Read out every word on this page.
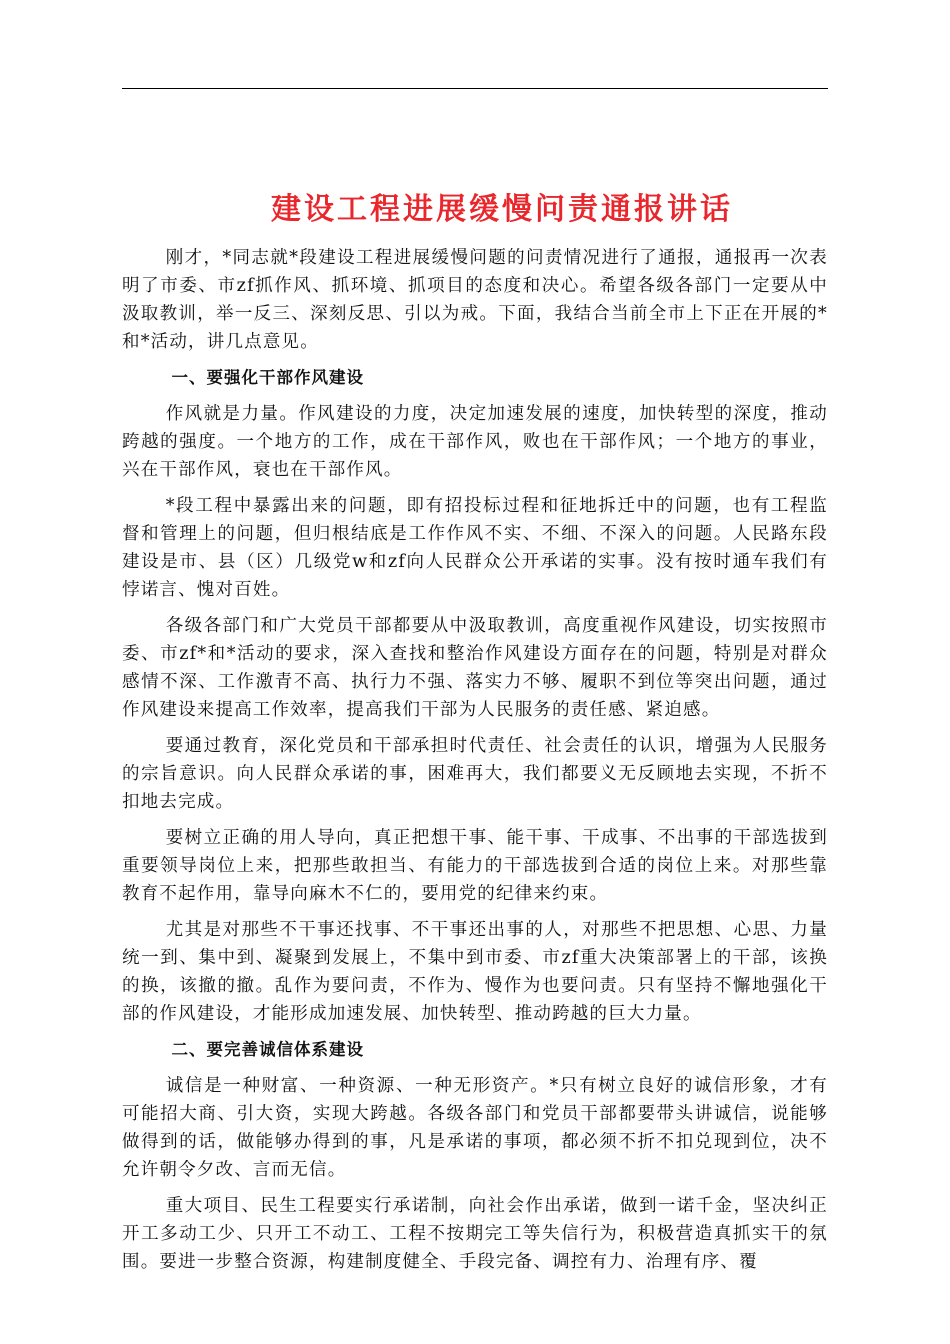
建设工程进展缓慢问责通报讲话

刚才，*同志就*段建设工程进展缓慢问题的问责情况进行了通报，通报再一次表明了市委、市zf抓作风、抓环境、抓项目的态度和决心。希望各级各部门一定要从中汲取教训，举一反三、深刻反思、引以为戒。下面，我结合当前全市上下正在开展的*和*活动，讲几点意见。

一、要强化干部作风建设

作风就是力量。作风建设的力度，决定加速发展的速度，加快转型的深度，推动跨越的强度。一个地方的工作，成在干部作风，败也在干部作风；一个地方的事业，兴在干部作风，衰也在干部作风。

*段工程中暴露出来的问题，即有招投标过程和征地拆迁中的问题，也有工程监督和管理上的问题，但归根结底是工作作风不实、不细、不深入的问题。人民路东段建设是市、县（区）几级党w和zf向人民群众公开承诺的实事。没有按时通车我们有悖诺言、愧对百姓。

各级各部门和广大党员干部都要从中汲取教训，高度重视作风建设，切实按照市委、市zf*和*活动的要求，深入查找和整治作风建设方面存在的问题，特别是对群众感情不深、工作激青不高、执行力不强、落实力不够、履职不到位等突出问题，通过作风建设来提高工作效率，提高我们干部为人民服务的责任感、紧迫感。

要通过教育，深化党员和干部承担时代责任、社会责任的认识，增强为人民服务的宗旨意识。向人民群众承诺的事，困难再大，我们都要义无反顾地去实现，不折不扣地去完成。

要树立正确的用人导向，真正把想干事、能干事、干成事、不出事的干部选拔到重要领导岗位上来，把那些敢担当、有能力的干部选拔到合适的岗位上来。对那些靠教育不起作用，靠导向麻木不仁的，要用党的纪律来约束。

尤其是对那些不干事还找事、不干事还出事的人，对那些不把思想、心思、力量统一到、集中到、凝聚到发展上，不集中到市委、市zf重大决策部署上的干部，该换的换，该撤的撤。乱作为要问责，不作为、慢作为也要问责。只有坚持不懈地强化干部的作风建设，才能形成加速发展、加快转型、推动跨越的巨大力量。

二、要完善诚信体系建设

诚信是一种财富、一种资源、一种无形资产。*只有树立良好的诚信形象，才有可能招大商、引大资，实现大跨越。各级各部门和党员干部都要带头讲诚信，说能够做得到的话，做能够办得到的事，凡是承诺的事项，都必须不折不扣兑现到位，决不允许朝令夕改、言而无信。

重大项目、民生工程要实行承诺制，向社会作出承诺，做到一诺千金，坚决纠正开工多动工少、只开工不动工、工程不按期完工等失信行为，积极营造真抓实干的氛围。要进一步整合资源，构建制度健全、手段完备、调控有力、治理有序、覆
